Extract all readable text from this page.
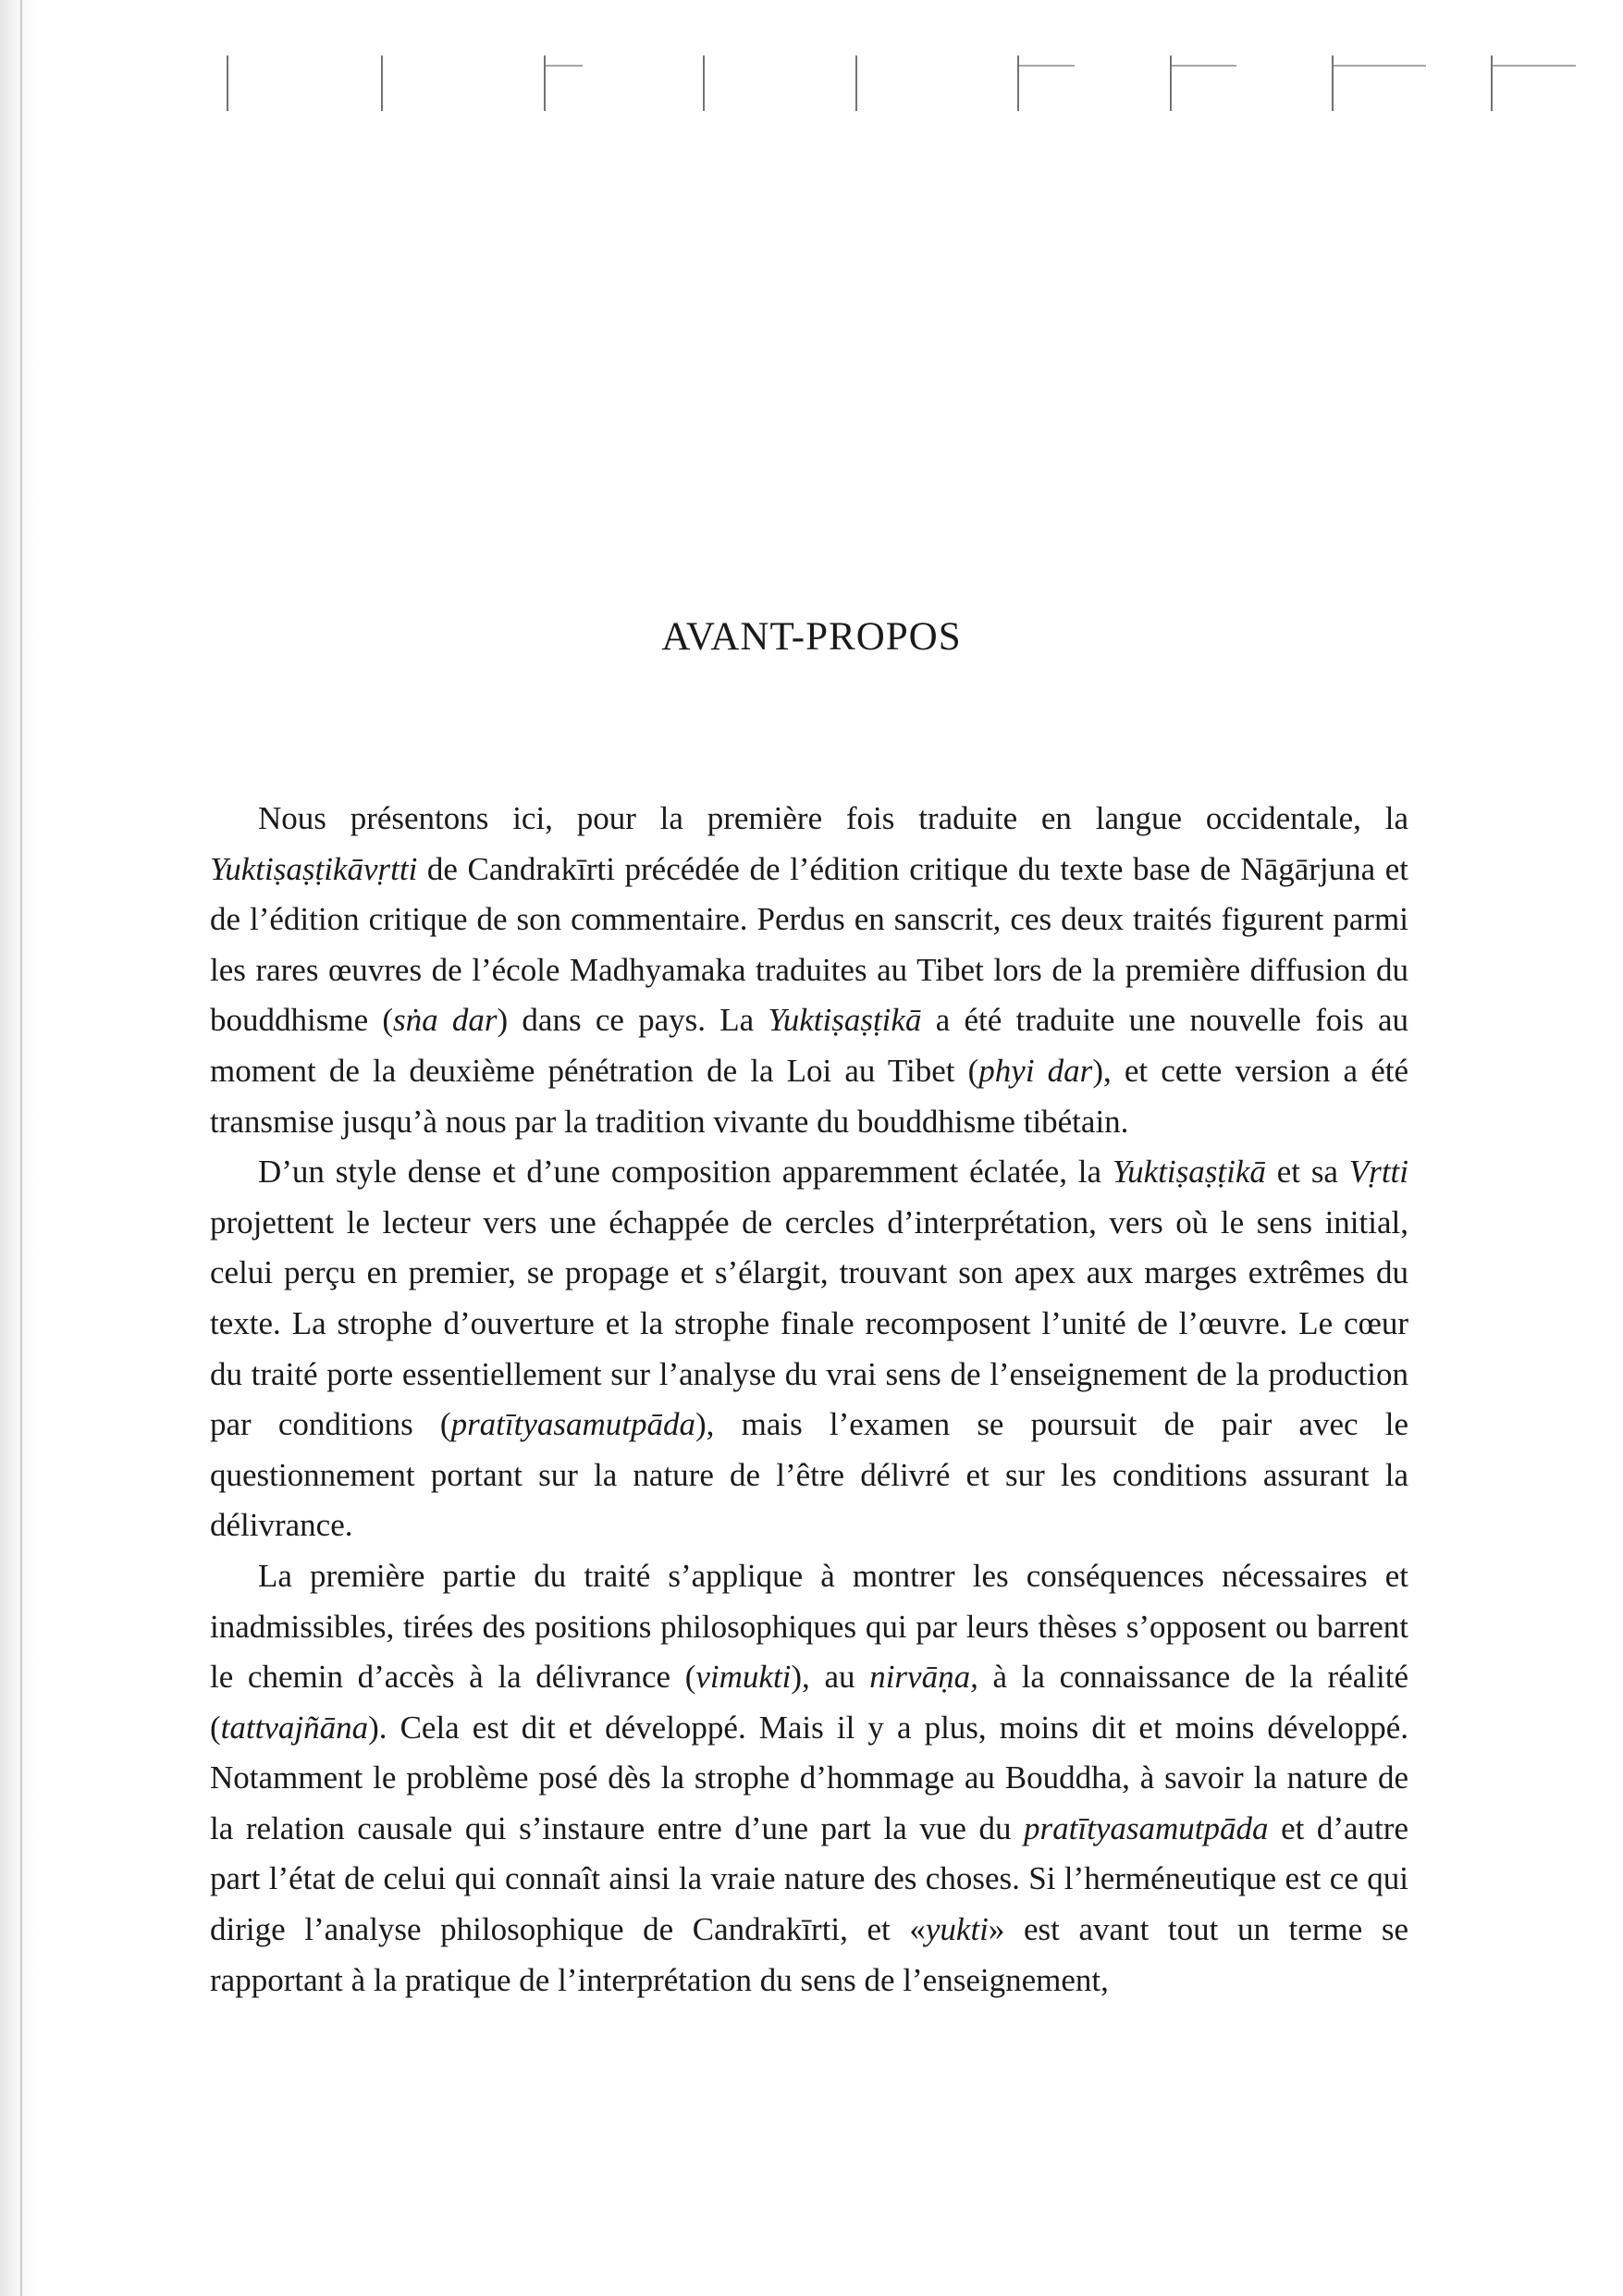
AVANT-PROPOS

Nous présentons ici, pour la première fois traduite en langue occidentale, la Yuktiṣaṣṭikāvṛtti de Candrakīrti précédée de l’édition critique du texte base de Nāgārjuna et de l’édition critique de son commentaire. Perdus en sanscrit, ces deux traités figurent parmi les rares œuvres de l’école Madhyamaka traduites au Tibet lors de la première diffusion du bouddhisme (sṅa dar) dans ce pays. La Yuktiṣaṣṭikā a été traduite une nouvelle fois au moment de la deuxième pénétration de la Loi au Tibet (phyi dar), et cette version a été transmise jusqu’à nous par la tradition vivante du bouddhisme tibétain.

D’un style dense et d’une composition apparemment éclatée, la Yuktiṣaṣṭikā et sa Vṛtti projettent le lecteur vers une échappée de cercles d’interprétation, vers où le sens initial, celui perçu en premier, se propage et s’élargit, trouvant son apex aux marges extrêmes du texte. La strophe d’ouverture et la strophe finale recomposent l’unité de l’œuvre. Le cœur du traité porte essentiellement sur l’analyse du vrai sens de l’enseignement de la production par conditions (pratītyasamutpāda), mais l’examen se poursuit de pair avec le questionnement portant sur la nature de l’être délivré et sur les conditions assurant la délivrance.

La première partie du traité s’applique à montrer les conséquences nécessaires et inadmissibles, tirées des positions philosophiques qui par leurs thèses s’opposent ou barrent le chemin d’accès à la délivrance (vimukti), au nirvāṇa, à la connaissance de la réalité (tattvajñāna). Cela est dit et développé. Mais il y a plus, moins dit et moins développé. Notamment le problème posé dès la strophe d’hommage au Bouddha, à savoir la nature de la relation causale qui s’instaure entre d’une part la vue du pratītyasamutpāda et d’autre part l’état de celui qui connaît ainsi la vraie nature des choses. Si l’herméneutique est ce qui dirige l’analyse philosophique de Candrakīrti, et «yukti» est avant tout un terme se rapportant à la pratique de l’interprétation du sens de l’enseignement,
